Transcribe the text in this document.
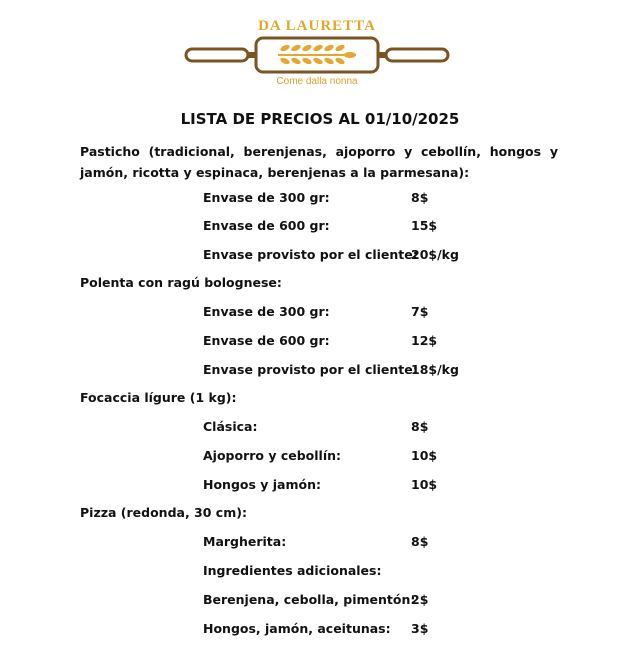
DA LAURETTA
Come dalla nonna
LISTA DE PRECIOS AL 01/10/2025
Pasticho (tradicional, berenjenas, ajoporro y cebollín, hongos y jamón, ricotta y espinaca, berenjenas a la parmesana):
Envase de 300 gr:	8$
Envase de 600 gr:	15$
Envase provisto por el cliente:
20$/kg
Polenta con ragú bolognese:
Envase de 300 gr:	7$
Envase de 600 gr:	12$
Envase provisto por el cliente:
18$/kg
Focaccia lígure (1 kg):
Clásica:	8$
Ajoporro y cebollín:	10$
Hongos y jamón:	10$
Pizza (redonda, 30 cm):
Margherita:	8$
Ingredientes adicionales:
Berenjena, cebolla, pimentón:
2$
Hongos, jamón, aceitunas: 3$
